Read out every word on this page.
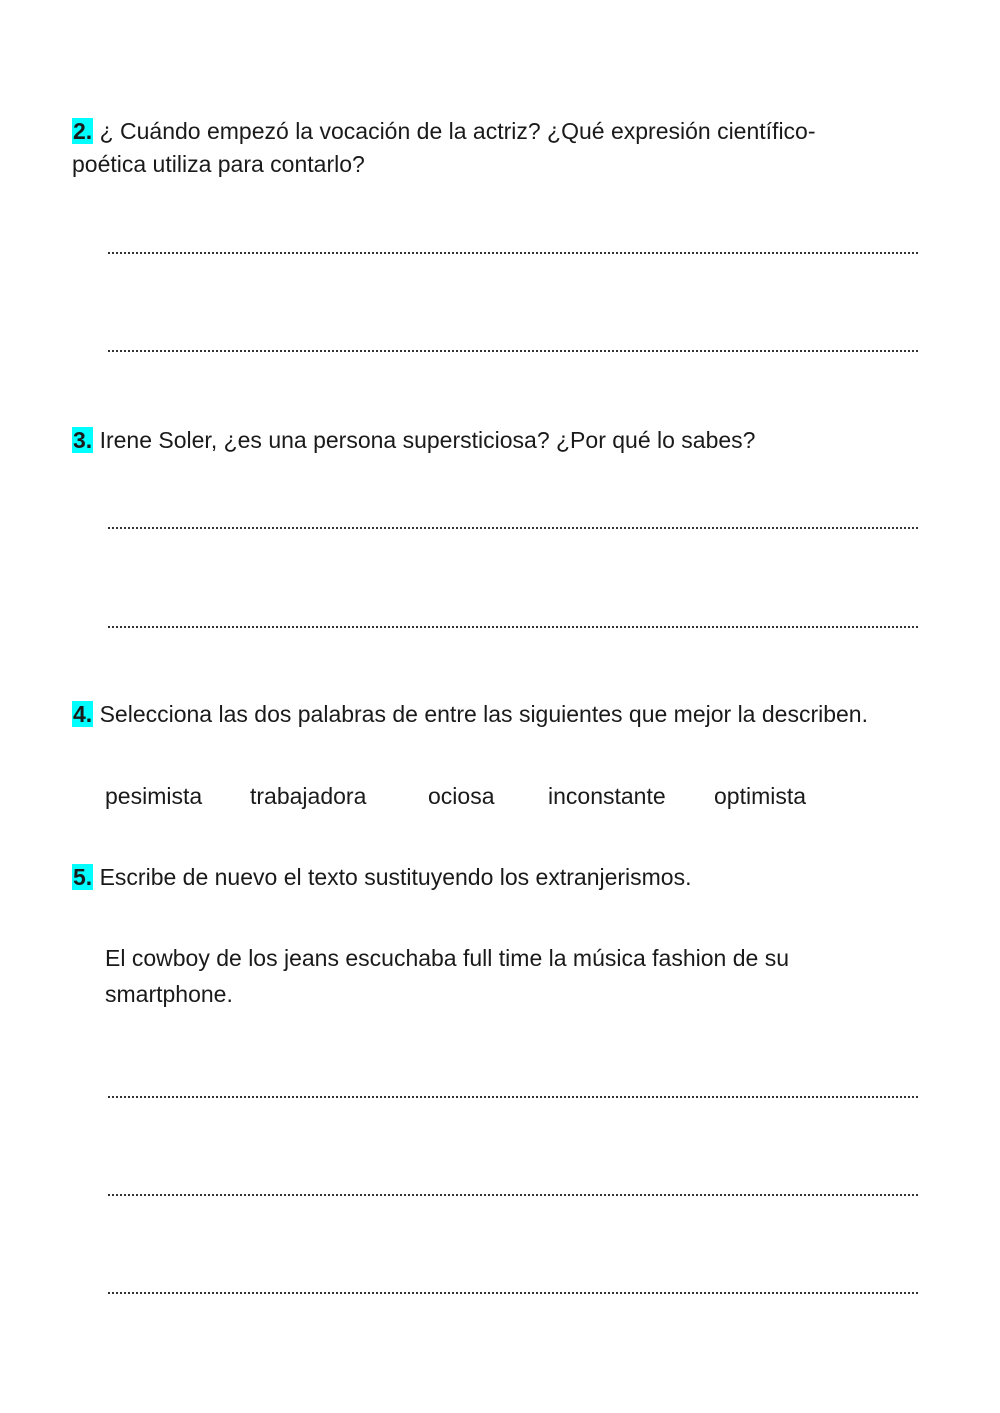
2. ¿ Cuándo empezó la vocación de la actriz? ¿Qué expresión científico-poética utiliza para contarlo?
3. Irene Soler, ¿es una persona supersticiosa? ¿Por qué lo sabes?
4. Selecciona las dos palabras de entre las siguientes que mejor la describen.
pesimista trabajadora	ociosa inconstante optimista
5. Escribe de nuevo el texto sustituyendo los extranjerismos.
El cowboy de los jeans escuchaba full time la música fashion de su smartphone.
